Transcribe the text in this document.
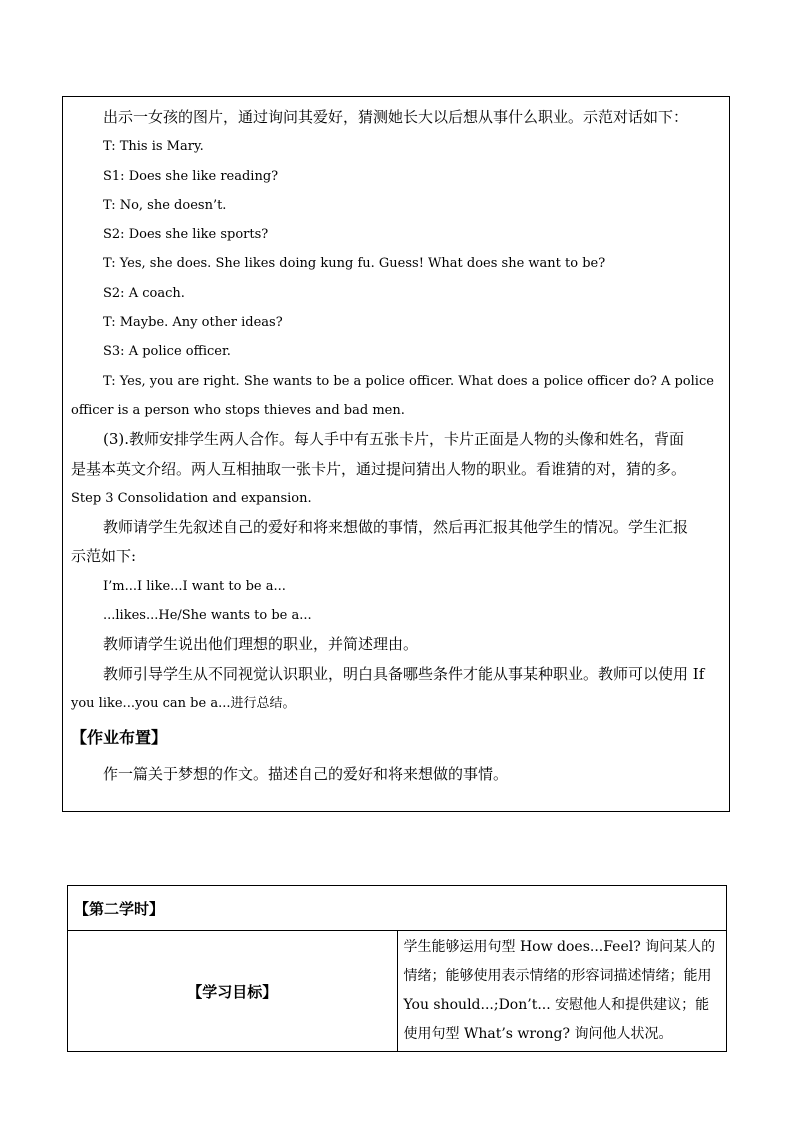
出示一女孩的图片，通过询问其爱好，猜测她长大以后想从事什么职业。示范对话如下：
T: This is Mary.
S1: Does she like reading?
T: No, she doesn’t.
S2: Does she like sports?
T: Yes, she does. She likes doing kung fu. Guess! What does she want to be?
S2: A coach.
T: Maybe. Any other ideas?
S3: A police officer.
T: Yes, you are right. She wants to be a police officer. What does a police officer do? A police
officer is a person who stops thieves and bad men.
(3).教师安排学生两人合作。每人手中有五张卡片，卡片正面是人物的头像和姓名，背面
是基本英文介绍。两人互相抽取一张卡片，通过提问猜出人物的职业。看谁猜的对，猜的多。
Step 3 Consolidation and expansion.
教师请学生先叙述自己的爱好和将来想做的事情，然后再汇报其他学生的情况。学生汇报
示范如下:
I’m...I like...I want to be a...
...likes...He/She wants to be a...
教师请学生说出他们理想的职业，并简述理由。
教师引导学生从不同视觉认识职业，明白具备哪些条件才能从事某种职业。教师可以使用 If
you like...you can be a...进行总结。
【作业布置】
作一篇关于梦想的作文。描述自己的爱好和将来想做的事情。
【第二学时】
【学习目标】	学生能够运用句型 How does...Feel? 询问某人的情绪；能够使用表示情绪的形容词描述情绪；能用 You should...;Don’t... 安慰他人和提供建议；能使用句型 What’s wrong? 询问他人状况。
